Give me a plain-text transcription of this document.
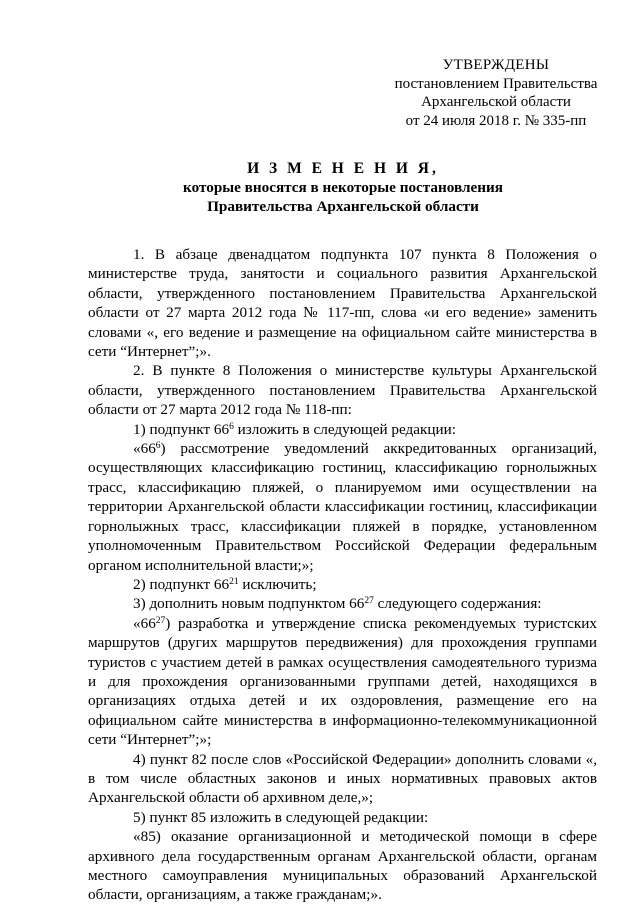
УТВЕРЖДЕНЫ
постановлением Правительства
Архангельской области
от 24 июля 2018 г. № 335-пп
И З М Е Н Е Н И Я,
которые вносятся в некоторые постановления
Правительства Архангельской области

1. В абзаце двенадцатом подпункта 107 пункта 8 Положения о министерстве труда, занятости и социального развития Архангельской области, утвержденного постановлением Правительства Архангельской области от 27 марта 2012 года № 117-пп, слова «и его ведение» заменить словами «, его ведение и размещение на официальном сайте министерства в сети “Интернет”;».

2. В пункте 8 Положения о министерстве культуры Архангельской области, утвержденного постановлением Правительства Архангельской области от 27 марта 2012 года № 118-пп:

1) подпункт $66^6$ изложить в следующей редакции:

«$66^6$) рассмотрение уведомлений аккредитованных организаций, осуществляющих классификацию гостиниц, классификацию горнолыжных трасс, классификацию пляжей, о планируемом ими осуществлении на территории Архангельской области классификации гостиниц, классификации горнолыжных трасс, классификации пляжей в порядке, установленном уполномоченным Правительством Российской Федерации федеральным органом исполнительной власти;»;

2) подпункт $66^{21}$ исключить;

3) дополнить новым подпунктом $66^{27}$ следующего содержания:

«$66^{27}$) разработка и утверждение списка рекомендуемых туристских маршрутов (других маршрутов передвижения) для прохождения группами туристов с участием детей в рамках осуществления самодеятельного туризма и для прохождения организованными группами детей, находящихся в организациях отдыха детей и их оздоровления, размещение его на официальном сайте министерства в информационно-телекоммуникационной сети “Интернет”;»;

4) пункт 82 после слов «Российской Федерации» дополнить словами «, в том числе областных законов и иных нормативных правовых актов Архангельской области об архивном деле,»;

5) пункт 85 изложить в следующей редакции:

«85) оказание организационной и методической помощи в сфере архивного дела государственным органам Архангельской области, органам местного самоуправления муниципальных образований Архангельской области, организациям, а также гражданам;».
